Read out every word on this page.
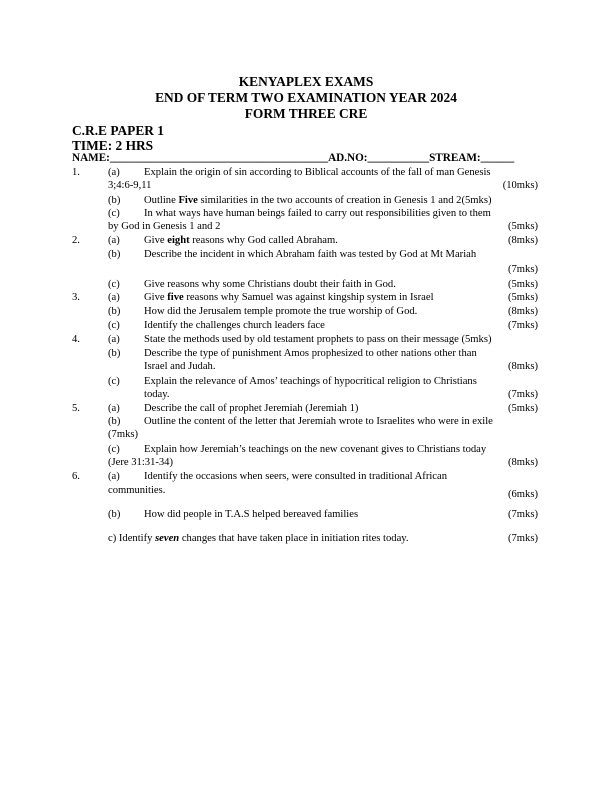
KENYAPLEX EXAMS
END OF TERM TWO EXAMINATION YEAR 2024
FORM THREE CRE
C.R.E PAPER 1
TIME: 2 HRS
NAME:_______________________________________AD.NO:___________STREAM:______
1.	(a) Explain the origin of sin according to Biblical accounts of the fall of man Genesis
3;4:6-9,11	(10mks)
(b) Outline Five similarities in the two accounts of creation in Genesis 1 and 2(5mks)
(c) In what ways have human beings failed to carry out responsibilities given to them
by God in Genesis 1 and 2	(5mks)
2.	(a) Give eight reasons why God called Abraham.	(8mks)
(b) Describe the incident in which Abraham faith was tested by God at Mt Mariah
(7mks)
(c) Give reasons why some Christians doubt their faith in God.	(5mks)
3.	(a) Give five reasons why Samuel was against kingship system in Israel	(5mks)
(b) How did the Jerusalem temple promote the true worship of God.	(8mks)
(c) Identify the challenges church leaders face	(7mks)
4.	(a) State the methods used by old testament prophets to pass on their message (5mks)
(b) Describe the type of punishment Amos prophesized to other nations other than
Israel and Judah.	(8mks)
(c) Explain the relevance of Amos’ teachings of hypocritical religion to Christians
today.	(7mks)
5.	(a) Describe the call of prophet Jeremiah (Jeremiah 1)	(5mks)
(b) Outline the content of the letter that Jeremiah wrote to Israelites who were in exile
(7mks)
(c) Explain how Jeremiah’s teachings on the new covenant gives to Christians today
(Jere 31:31-34)	(8mks)
6.	(a) Identify the occasions when seers, were consulted in traditional African
communities.	(6mks)
(b) How did people in T.A.S helped bereaved families	(7mks)
c) Identify seven changes that have taken place in initiation rites today.	(7mks)
